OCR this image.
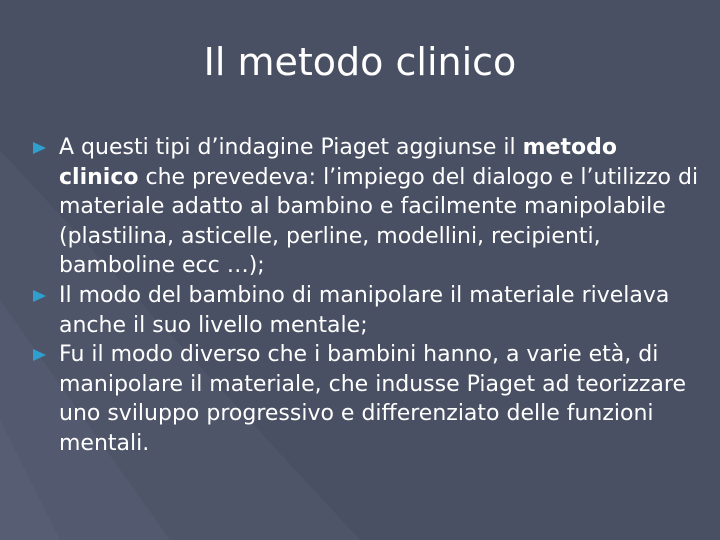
Il metodo clinico
A questi tipi d’indagine Piaget aggiunse il metodo clinico che prevedeva: l’impiego del dialogo e l’utilizzo di materiale adatto al bambino e facilmente manipolabile (plastilina, asticelle, perline, modellini, recipienti, bamboline ecc …);
Il modo del bambino di manipolare il materiale rivelava anche il suo livello mentale;
Fu il modo diverso che i bambini hanno, a varie età, di manipolare il materiale, che indusse Piaget ad teorizzare uno sviluppo progressivo e differenziato delle funzioni mentali.
